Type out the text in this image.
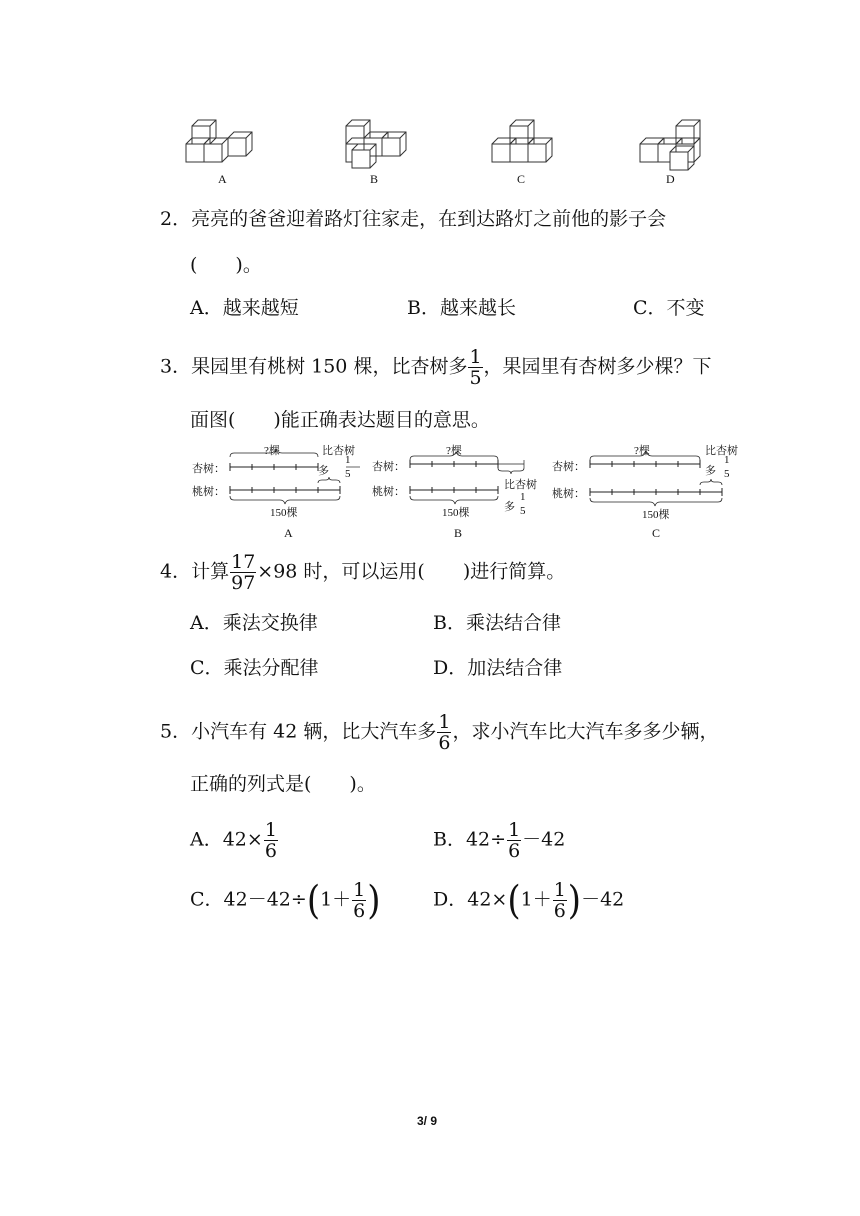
A	B	C	D
2．亮亮的爸爸迎着路灯往家走，在到达路灯之前他的影子会
(　　)。
A．越来越短	B．越来越长	C．不变
3．果园里有桃树 150 棵，比杏树多 $\frac{1}{5}$ ，果园里有杏树多少棵？下
面图(　　)能正确表达题目的意思。
杏树：
桃树：
?棵	比杏树
多
1
5
150棵
A
杏树：
桃树：
?棵
比杏树
多
1
5
150棵
B
杏树：
桃树：
?棵	比杏树
多
1
5
150棵
C
4．计算 $\frac{17}{97} \times 98$ 时，可以运用(　　)进行简算。
A．乘法交换律	B．乘法结合律
C．乘法分配律	D．加法结合律
5．小汽车有 42 辆，比大汽车多 $\frac{1}{6}$ ，求小汽车比大汽车多多少辆，
正确的列式是(　　)。
A．$42\times \frac{1}{6}$	B．$42\div \frac{1}{6} -42$
C．$42-42\div(1+ \frac{1}{6}$ )	D．$42\times(1+ \frac{1}{6} )-42$
3/ 9
